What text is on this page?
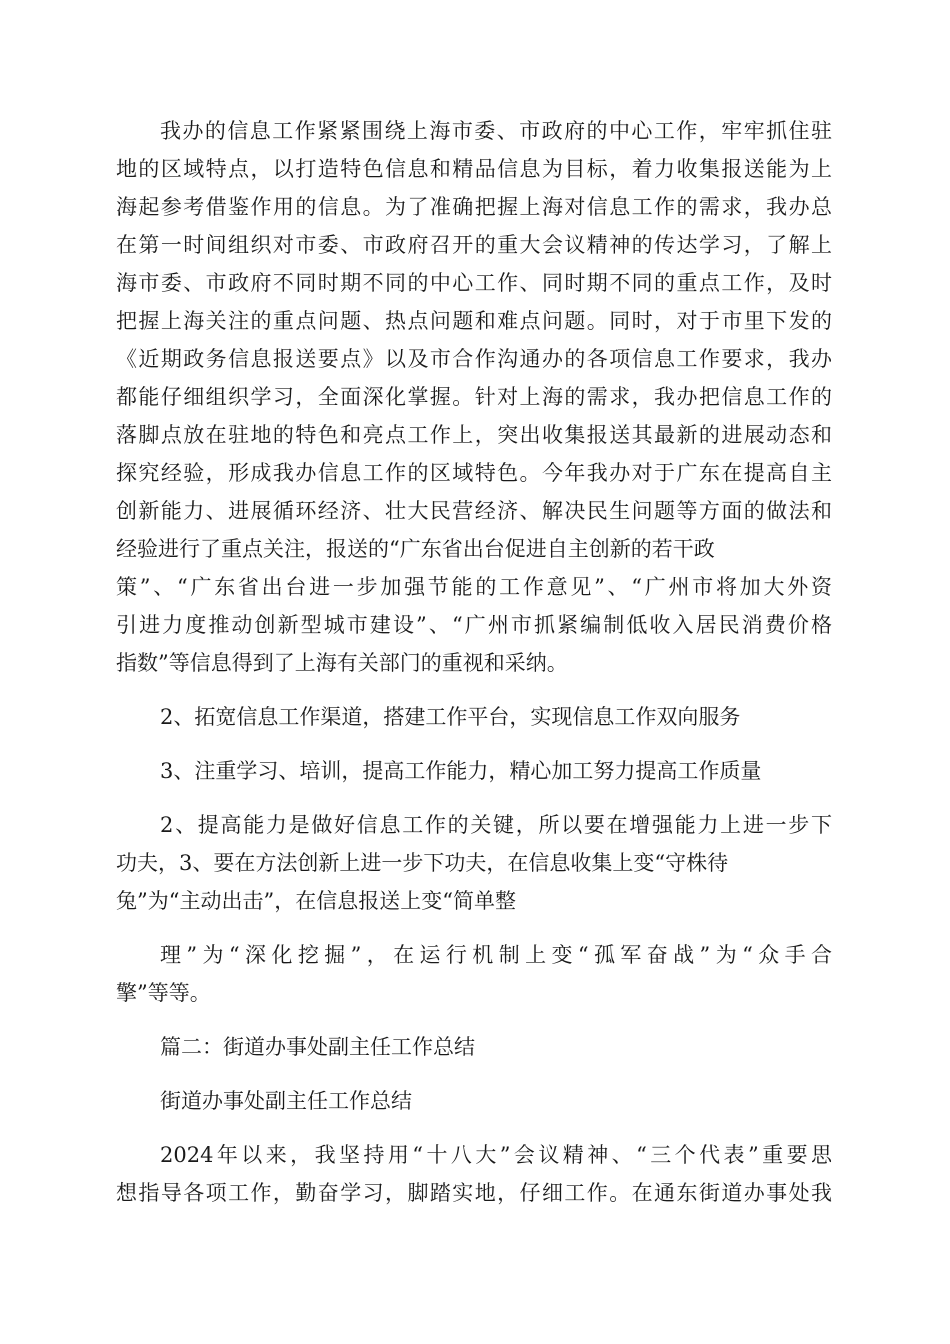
我办的信息工作紧紧围绕上海市委、市政府的中心工作，牢牢抓住驻
地的区域特点，以打造特色信息和精品信息为目标，着力收集报送能为上
海起参考借鉴作用的信息。为了准确把握上海对信息工作的需求，我办总
在第一时间组织对市委、市政府召开的重大会议精神的传达学习，了解上
海市委、市政府不同时期不同的中心工作、同时期不同的重点工作，及时
把握上海关注的重点问题、热点问题和难点问题。同时，对于市里下发的
《近期政务信息报送要点》以及市合作沟通办的各项信息工作要求，我办
都能仔细组织学习，全面深化掌握。针对上海的需求，我办把信息工作的
落脚点放在驻地的特色和亮点工作上，突出收集报送其最新的进展动态和
探究经验，形成我办信息工作的区域特色。今年我办对于广东在提高自主
创新能力、进展循环经济、壮大民营经济、解决民生问题等方面的做法和
经验进行了重点关注，报送的“广东省出台促进自主创新的若干政
策”、“广东省出台进一步加强节能的工作意见”、“广州市将加大外资
引进力度推动创新型城市建设”、“广州市抓紧编制低收入居民消费价格
指数”等信息得到了上海有关部门的重视和采纳。
2、拓宽信息工作渠道，搭建工作平台，实现信息工作双向服务
3、注重学习、培训，提高工作能力，精心加工努力提高工作质量
2、提高能力是做好信息工作的关键，所以要在增强能力上进一步下
功夫，3、要在方法创新上进一步下功夫，在信息收集上变“守株待
兔”为“主动出击”，在信息报送上变“简单整
理”为“深化挖掘”，在运行机制上变“孤军奋战”为“众手合
擎”等等。
篇二：街道办事处副主任工作总结
街道办事处副主任工作总结
2024年以来，我坚持用“十八大”会议精神、“三个代表”重要思
想指导各项工作，勤奋学习，脚踏实地，仔细工作。在通东街道办事处我
